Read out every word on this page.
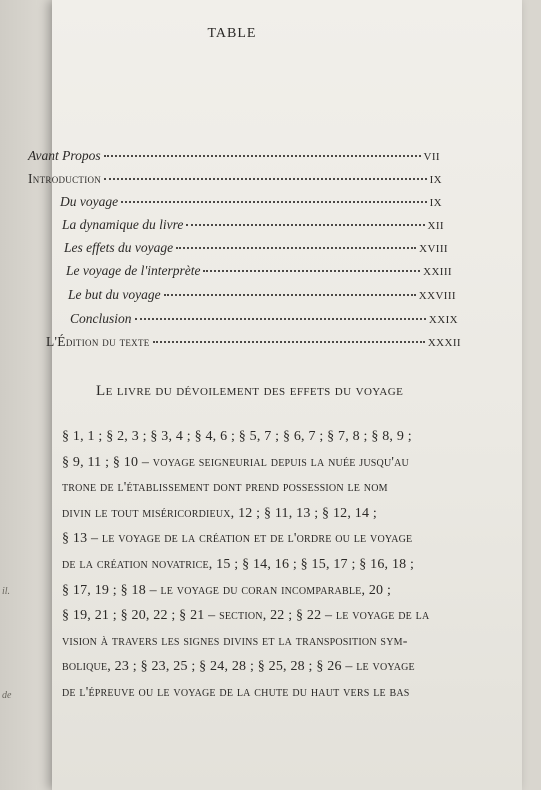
il.
de
TABLE
Avant Propos	VII
Introduction	IX
Du voyage	IX
La dynamique du livre	XII
Les effets du voyage	XVIII
Le voyage de l'interprète	XXIII
Le but du voyage	XXVIII
Conclusion	XXIX
L'Édition du texte	XXXII
Le livre du dévoilement des effets du voyage
§ 1, 1 ; § 2, 3 ; § 3, 4 ; § 4, 6 ; § 5, 7 ; § 6, 7 ; § 7, 8 ; § 8, 9 ;
§ 9, 11 ; § 10 – voyage seigneurial depuis la nuée jusqu'au
trone de l'établissement dont prend possession le nom
divin le tout miséricordieux, 12 ; § 11, 13 ; § 12, 14 ;
§ 13 – le voyage de la création et de l'ordre ou le voyage
de la création novatrice, 15 ; § 14, 16 ; § 15, 17 ; § 16, 18 ;
§ 17, 19 ; § 18 – le voyage du coran incomparable, 20 ;
§ 19, 21 ; § 20, 22 ; § 21 – section, 22 ; § 22 – le voyage de la
vision à travers les signes divins et la transposition sym-
bolique, 23 ; § 23, 25 ; § 24, 28 ; § 25, 28 ; § 26 – le voyage
de l'épreuve ou le voyage de la chute du haut vers le bas
